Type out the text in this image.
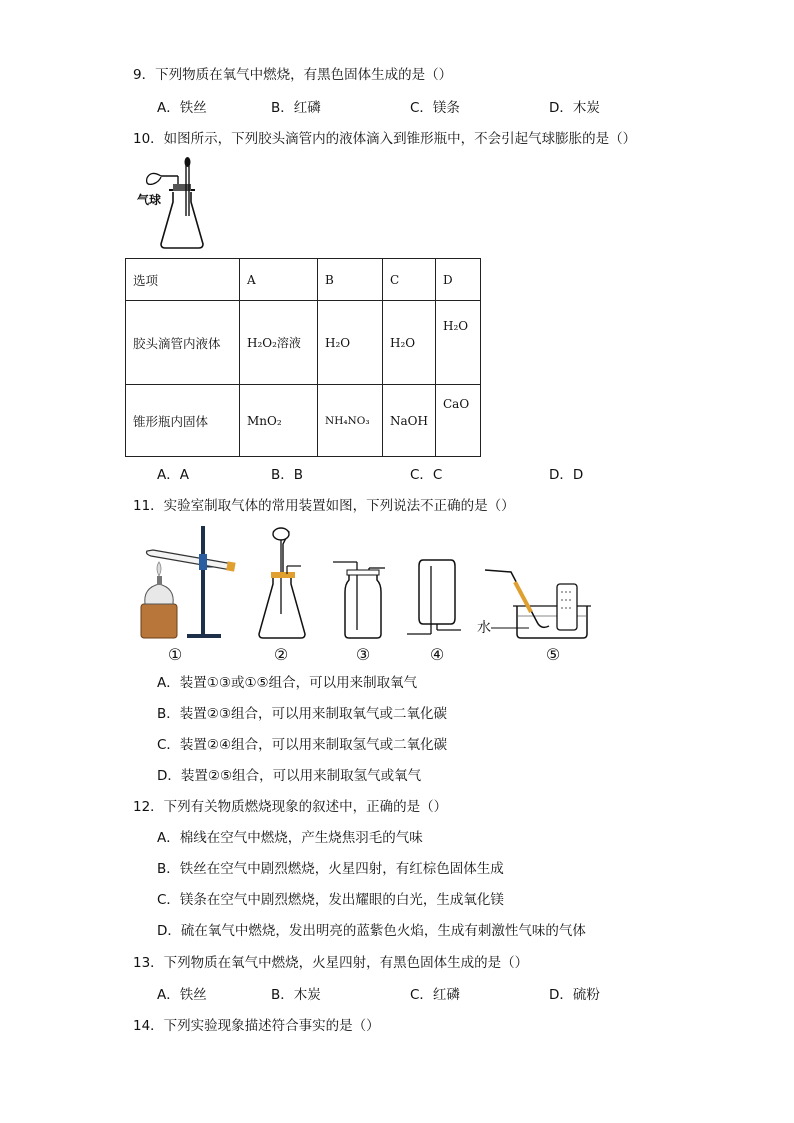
9．下列物质在氧气中燃烧，有黑色固体生成的是（）
A．铁丝	B．红磷	C．镁条	D．木炭
10．如图所示，下列胶头滴管内的液体滴入到锥形瓶中，不会引起气球膨胀的是（）
气球
选项	A	B	C	D
胶头滴管内液体	H₂O₂溶液	H₂O	H₂O	H₂O
锥形瓶内固体	MnO₂	NH₄NO₃	NaOH	CaO
A．A	B．B	C．C	D．D
11．实验室制取气体的常用装置如图，下列说法不正确的是（）
水
①	②	③	④	⑤
A．装置①③或①⑤组合，可以用来制取氧气
B．装置②③组合，可以用来制取氧气或二氧化碳
C．装置②④组合，可以用来制取氢气或二氧化碳
D．装置②⑤组合，可以用来制取氢气或氧气
12．下列有关物质燃烧现象的叙述中，正确的是（）
A．棉线在空气中燃烧，产生烧焦羽毛的气味
B．铁丝在空气中剧烈燃烧，火星四射，有红棕色固体生成
C．镁条在空气中剧烈燃烧，发出耀眼的白光，生成氧化镁
D．硫在氧气中燃烧，发出明亮的蓝紫色火焰，生成有刺激性气味的气体
13．下列物质在氧气中燃烧，火星四射，有黑色固体生成的是（）
A．铁丝	B．木炭	C．红磷	D．硫粉
14．下列实验现象描述符合事实的是（）
